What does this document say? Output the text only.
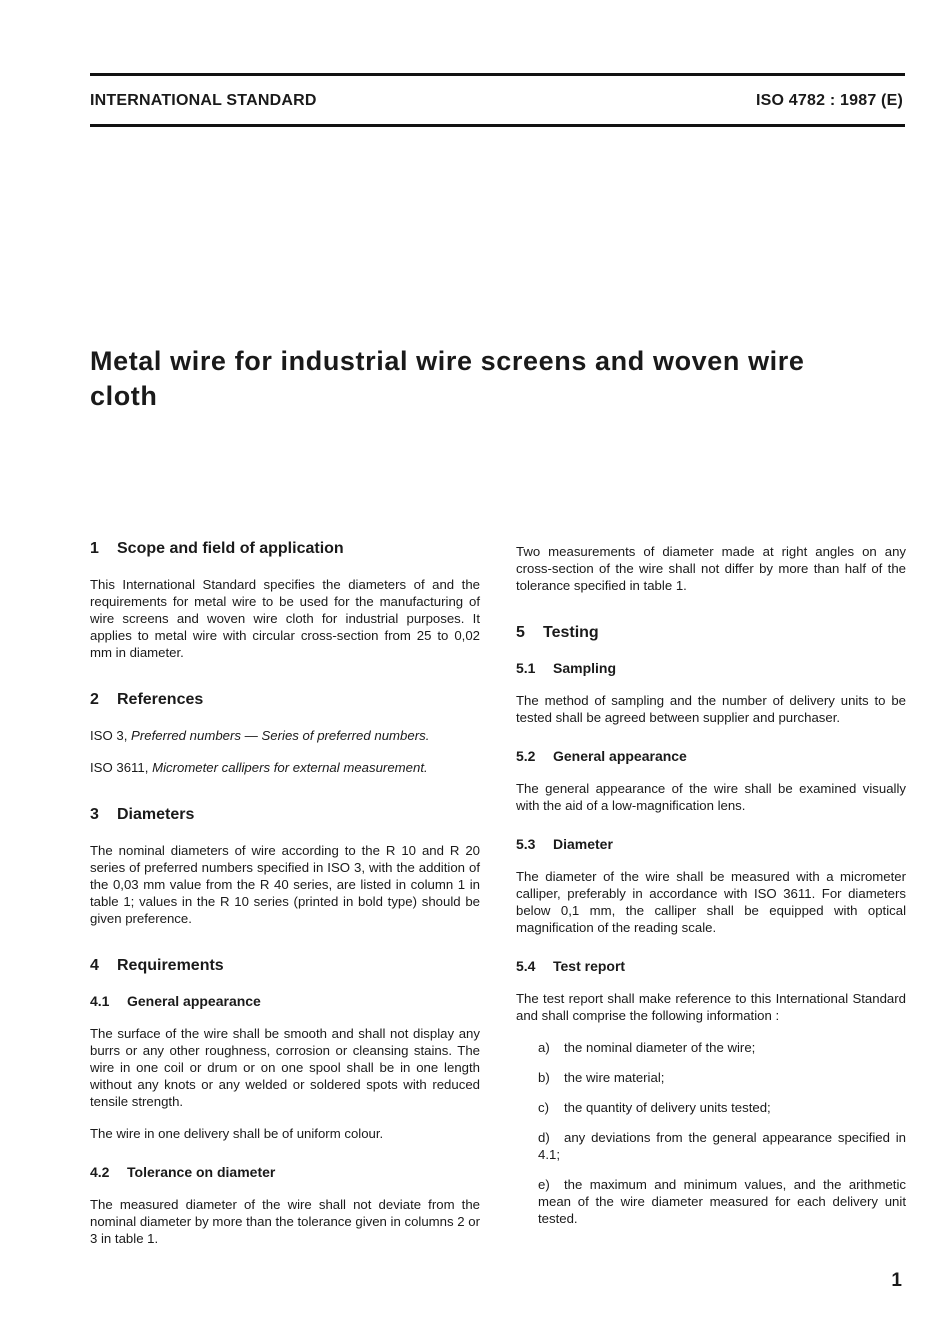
INTERNATIONAL STANDARD	ISO 4782 : 1987 (E)
Metal wire for industrial wire screens and woven wire cloth
1	Scope and field of application

This International Standard specifies the diameters of and the requirements for metal wire to be used for the manufacturing of wire screens and woven wire cloth for industrial purposes. It applies to metal wire with circular cross-section from 25 to 0,02 mm in diameter.

2	References

ISO 3, Preferred numbers — Series of preferred numbers.

ISO 3611, Micrometer callipers for external measurement.

3	Diameters

The nominal diameters of wire according to the R 10 and R 20 series of preferred numbers specified in ISO 3, with the addition of the 0,03 mm value from the R 40 series, are listed in column 1 in table 1; values in the R 10 series (printed in bold type) should be given preference.

4	Requirements
4.1	General appearance

The surface of the wire shall be smooth and shall not display any burrs or any other roughness, corrosion or cleansing stains. The wire in one coil or drum or on one spool shall be in one length without any knots or any welded or soldered spots with reduced tensile strength.

The wire in one delivery shall be of uniform colour.

4.2	Tolerance on diameter

The measured diameter of the wire shall not deviate from the nominal diameter by more than the tolerance given in columns 2 or 3 in table 1.

Two measurements of diameter made at right angles on any cross-section of the wire shall not differ by more than half of the tolerance specified in table 1.

5	Testing
5.1	Sampling

The method of sampling and the number of delivery units to be tested shall be agreed between supplier and purchaser.

5.2	General appearance

The general appearance of the wire shall be examined visually with the aid of a low-magnification lens.

5.3	Diameter

The diameter of the wire shall be measured with a micrometer calliper, preferably in accordance with ISO 3611. For diameters below 0,1 mm, the calliper shall be equipped with optical magnification of the reading scale.

5.4	Test report

The test report shall make reference to this International Standard and shall comprise the following information :

a) the nominal diameter of the wire;
b) the wire material;
c) the quantity of delivery units tested;
d) any deviations from the general appearance specified in 4.1;
e) the maximum and minimum values, and the arithmetic mean of the wire diameter measured for each delivery unit tested.
1
